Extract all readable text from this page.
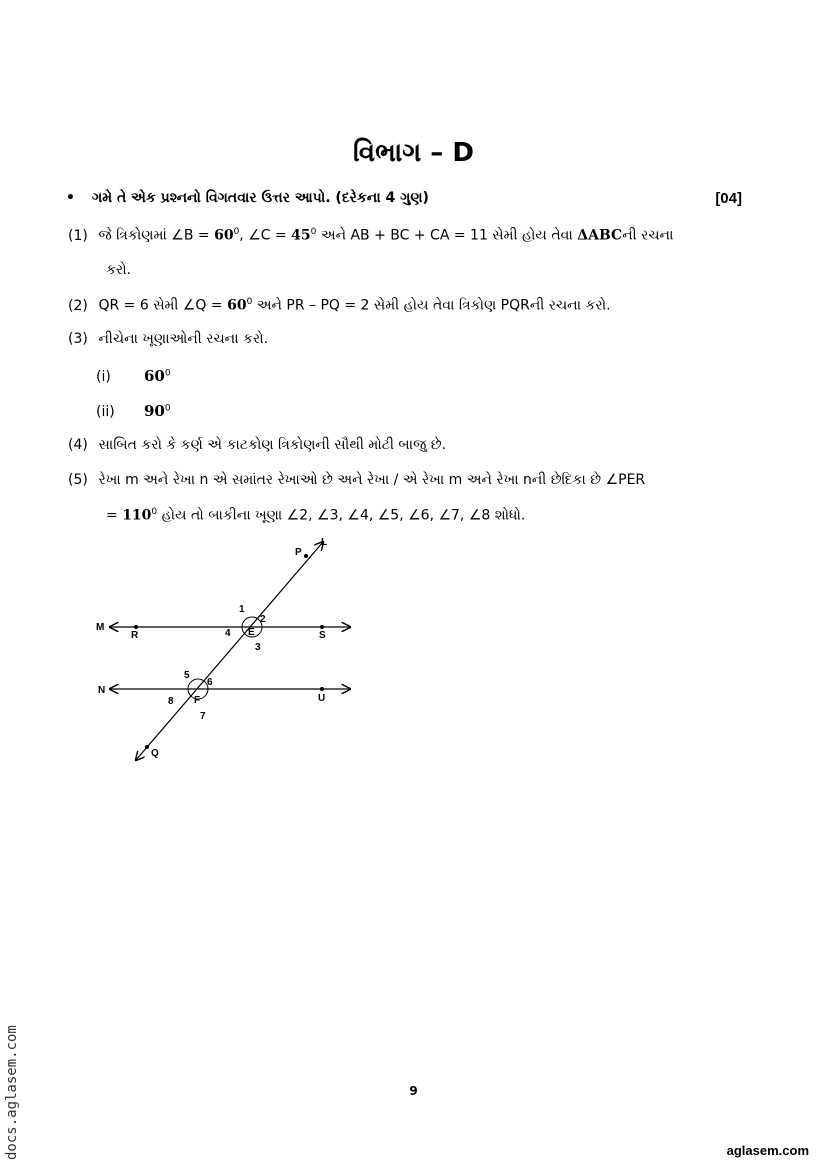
વિભાગ – D
• ગમે તે એક પ્રશ્નનો વિગતવાર ઉત્તર આપો. (દરેકના 4 ગુણ)	[04]
(1) જે ત્રિકોણમાં ∠B = $60^0$, ∠C = $45^0$ અને AB + BC + CA = 11 સેમી હોય તેવા ΔABCની રચના
કરો.
(2) QR = 6 સેમી ∠Q = $60^0$ અને PR – PQ = 2 સેમી હોય તેવા ત્રિકોણ PQRની રચના કરો.
(3) નીચેના ખૂણાઓની રચના કરો.
(i) $60^0$
(ii) $90^0$
(4) સાબિત કરો કે કર્ણ એ કાટકોણ ત્રિકોણની સૌથી મોટી બાજુ છે.
(5) રેખા m અને રેખા n એ સમાંતર રેખાઓ છે અને રેખા / એ રેખા m અને રેખા nની છેદિકા છે ∠PER
= $110^0$ હોય તો બાકીના ખૂણા ∠2, ∠3, ∠4, ∠5, ∠6, ∠7, ∠8 શોધો.
L
P
M
R	E	S
N
F	U
Q
1
2
3
4
5
6
7
8
9
docs.aglasem.com	aglasem.com
